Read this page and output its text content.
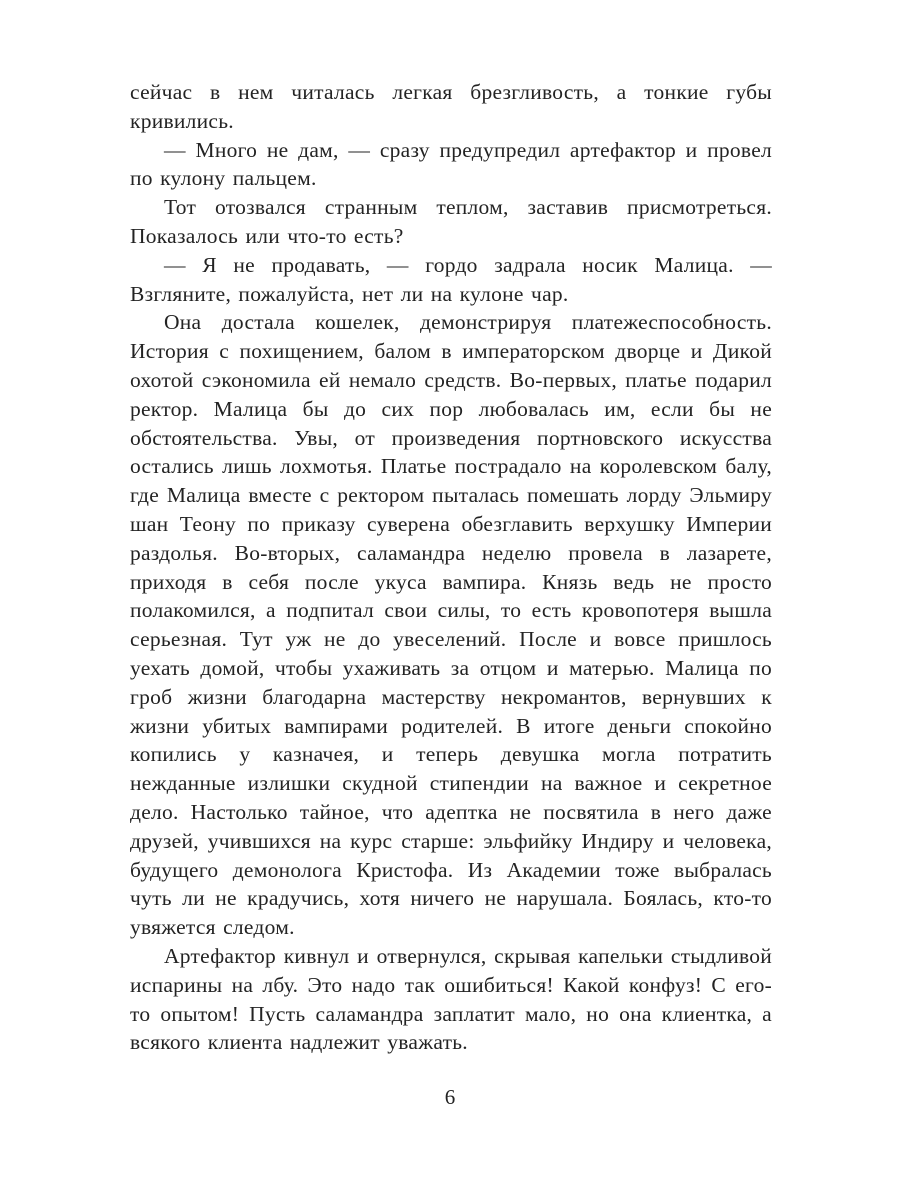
сейчас в нем читалась легкая брезгливость, а тонкие губы кривились.

— Много не дам, — сразу предупредил артефактор и провел по кулону пальцем.

Тот отозвался странным теплом, заставив присмотреться. Показалось или что-то есть?

— Я не продавать, — гордо задрала носик Малица. — Взгляните, пожалуйста, нет ли на кулоне чар.

Она достала кошелек, демонстрируя платежеспособность. История с похищением, балом в императорском дворце и Дикой охотой сэкономила ей немало средств. Во-первых, платье подарил ректор. Малица бы до сих пор любовалась им, если бы не обстоятельства. Увы, от произведения портновского искусства остались лишь лохмотья. Платье пострадало на королевском балу, где Малица вместе с ректором пыталась помешать лорду Эльмиру шан Теону по приказу суверена обезглавить верхушку Империи раздолья. Во-вторых, саламандра неделю провела в лазарете, приходя в себя после укуса вампира. Князь ведь не просто полакомился, а подпитал свои силы, то есть кровопотеря вышла серьезная. Тут уж не до увеселений. После и вовсе пришлось уехать домой, чтобы ухаживать за отцом и матерью. Малица по гроб жизни благодарна мастерству некромантов, вернувших к жизни убитых вампирами родителей. В итоге деньги спокойно копились у казначея, и теперь девушка могла потратить нежданные излишки скудной стипендии на важное и секретное дело. Настолько тайное, что адептка не посвятила в него даже друзей, учившихся на курс старше: эльфийку Индиру и человека, будущего демонолога Кристофа. Из Академии тоже выбралась чуть ли не крадучись, хотя ничего не нарушала. Боялась, кто-то увяжется следом.

Артефактор кивнул и отвернулся, скрывая капельки стыдливой испарины на лбу. Это надо так ошибиться! Какой конфуз! С его-то опытом! Пусть саламандра заплатит мало, но она клиентка, а всякого клиента надлежит уважать.

6
